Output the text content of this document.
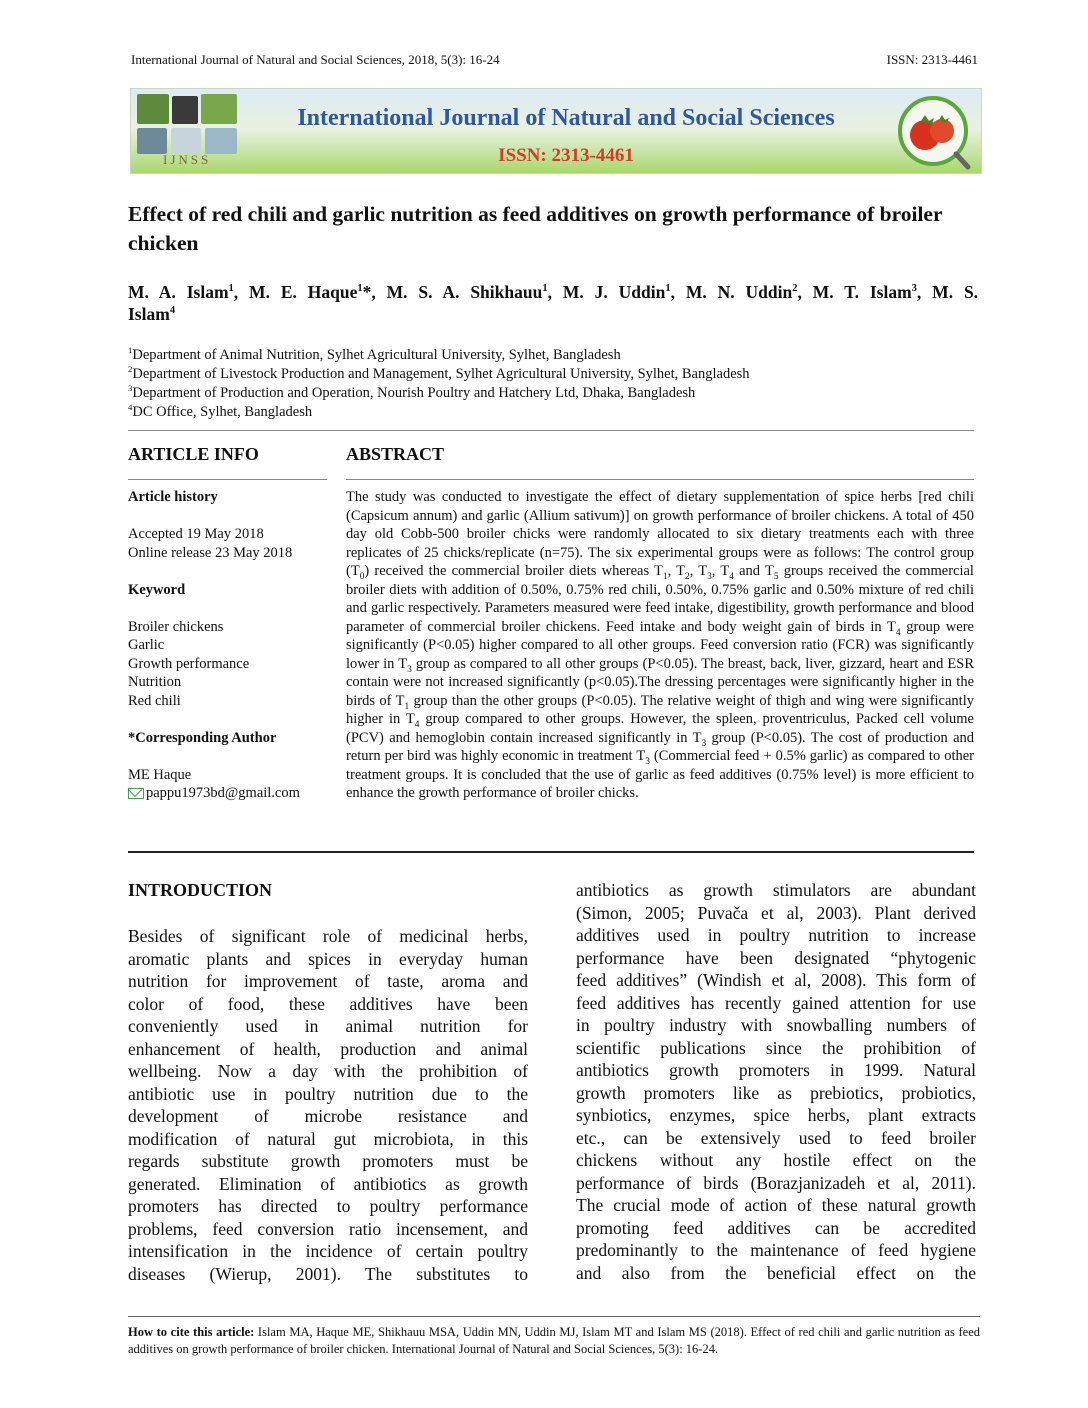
International Journal of Natural and Social Sciences, 2018, 5(3): 16-24	ISSN: 2313-4461
IJNSS
International Journal of Natural and Social Sciences
ISSN: 2313-4461
Effect of red chili and garlic nutrition as feed additives on growth performance of broiler chicken
M. A. Islam$^1$, M. E. Haque$^1$*, M. S. A. Shikhauu$^1$, M. J. Uddin$^1$, M. N. Uddin$^2$, M. T. Islam$^3$, M. S.
Islam$^4$
$^1$Department of Animal Nutrition, Sylhet Agricultural University, Sylhet, Bangladesh
$^2$Department of Livestock Production and Management, Sylhet Agricultural University, Sylhet, Bangladesh
$^3$Department of Production and Operation, Nourish Poultry and Hatchery Ltd, Dhaka, Bangladesh
$^4$DC Office, Sylhet, Bangladesh
ARTICLE INFO	ABSTRACT
Article history
Accepted 19 May 2018
Online release 23 May 2018
Keyword
Broiler chickens
Garlic
Growth performance
Nutrition
Red chili
*Corresponding Author
ME Haque
pappu1973bd@gmail.com
The study was conducted to investigate the effect of dietary supplementation of spice herbs [red chili (Capsicum annum) and garlic (Allium sativum)] on growth performance of broiler chickens. A total of 450 day old Cobb-500 broiler chicks were randomly allocated to six dietary treatments each with three replicates of 25 chicks/replicate (n=75). The six experimental groups were as follows: The control group $(T_0)$ received the commercial broiler diets whereas $T_1$, $T_2$, $T_3$, $T_4$ and $T_5$ groups received the commercial broiler diets with addition of 0.50%, 0.75% red chili, 0.50%, 0.75% garlic and 0.50% mixture of red chili and garlic respectively. Parameters measured were feed intake, digestibility, growth performance and blood parameter of commercial broiler chickens. Feed intake and body weight gain of birds in $T_4$ group were significantly (P<0.05) higher compared to all other groups. Feed conversion ratio (FCR) was significantly lower in $T_3$ group as compared to all other groups (P<0.05). The breast, back, liver, gizzard, heart and ESR contain were not increased significantly (p<0.05).The dressing percentages were significantly higher in the birds of $T_1$ group than the other groups (P<0.05). The relative weight of thigh and wing were significantly higher in $T_4$ group compared to other groups. However, the spleen, proventriculus, Packed cell volume (PCV) and hemoglobin contain increased significantly in $T_3$ group (P<0.05). The cost of production and return per bird was highly economic in treatment $T_3$ (Commercial feed + 0.5% garlic) as compared to other treatment groups. It is concluded that the use of garlic as feed additives (0.75% level) is more efficient to enhance the growth performance of broiler chicks.
INTRODUCTION
Besides of significant role of medicinal herbs,
aromatic plants and spices in everyday human
nutrition for improvement of taste, aroma and
color of food, these additives have been
conveniently used in animal nutrition for
enhancement of health, production and animal
wellbeing. Now a day with the prohibition of
antibiotic use in poultry nutrition due to the
development of microbe resistance and
modification of natural gut microbiota, in this
regards substitute growth promoters must be
generated. Elimination of antibiotics as growth
promoters has directed to poultry performance
problems, feed conversion ratio incensement, and
intensification in the incidence of certain poultry
diseases (Wierup, 2001). The substitutes to
antibiotics as growth stimulators are abundant
(Simon, 2005; Puvača et al, 2003). Plant derived
additives used in poultry nutrition to increase
performance have been designated “phytogenic
feed additives” (Windish et al, 2008). This form of
feed additives has recently gained attention for use
in poultry industry with snowballing numbers of
scientific publications since the prohibition of
antibiotics growth promoters in 1999. Natural
growth promoters like as prebiotics, probiotics,
synbiotics, enzymes, spice herbs, plant extracts
etc., can be extensively used to feed broiler
chickens without any hostile effect on the
performance of birds (Borazjanizadeh et al, 2011).
The crucial mode of action of these natural growth
promoting feed additives can be accredited
predominantly to the maintenance of feed hygiene
and also from the beneficial effect on the
How to cite this article: Islam MA, Haque ME, Shikhauu MSA, Uddin MN, Uddin MJ, Islam MT and Islam MS (2018). Effect of red chili and garlic nutrition as feed additives on growth performance of broiler chicken. International Journal of Natural and Social Sciences, 5(3): 16-24.
